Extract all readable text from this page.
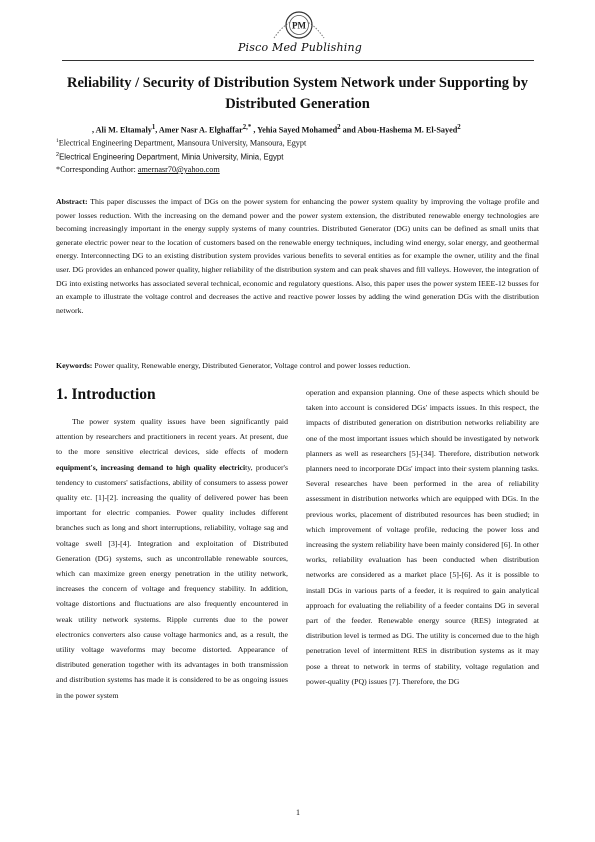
PM
Pisco Med Publishing
Reliability / Security of Distribution System Network under Supporting by Distributed Generation
, Ali M. Eltamaly$^1$, Amer Nasr A. Elghaffar$^{2,*}$ , Yehia Sayed Mohamed$^2$ and Abou-Hashema M. El-Sayed$^2$
$^1$Electrical Engineering Department, Mansoura University, Mansoura, Egypt
$^2$Electrical Engineering Department, Minia University, Minia, Egypt
*Corresponding Author: amernasr70@yahoo.com
Abstract: This paper discusses the impact of DGs on the power system for enhancing the power system quality by improving the voltage profile and power losses reduction. With the increasing on the demand power and the power system extension, the distributed renewable energy technologies are becoming increasingly important in the energy supply systems of many countries. Distributed Generator (DG) units can be defined as small units that generate electric power near to the location of customers based on the renewable energy techniques, including wind energy, solar energy, and geothermal energy. Interconnecting DG to an existing distribution system provides various benefits to several entities as for example the owner, utility and the final user. DG provides an enhanced power quality, higher reliability of the distribution system and can peak shaves and fill valleys. However, the integration of DG into existing networks has associated several technical, economic and regulatory questions. Also, this paper uses the power system IEEE-12 busses for an example to illustrate the voltage control and decreases the active and reactive power losses by adding the wind generation DGs with the distribution network.
Keywords: Power quality, Renewable energy, Distributed Generator, Voltage control and power losses reduction.
1. Introduction
The power system quality issues have been significantly paid attention by researchers and practitioners in recent years. At present, due to the more sensitive electrical devices, side effects of modern equipment's, increasing demand to high quality electricity, producer's tendency to customers' satisfactions, ability of consumers to assess power quality etc. [1]-[2]. increasing the quality of delivered power has been important for electric companies. Power quality includes different branches such as long and short interruptions, reliability, voltage sag and voltage swell [3]-[4]. Integration and exploitation of Distributed Generation (DG) systems, such as uncontrollable renewable sources, which can maximize green energy penetration in the utility network, increases the concern of voltage and frequency stability. In addition, voltage distortions and fluctuations are also frequently encountered in weak utility network systems. Ripple currents due to the power electronics converters also cause voltage harmonics and, as a result, the utility voltage waveforms may become distorted. Appearance of distributed generation together with its advantages in both transmission and distribution systems has made it is considered to be as ongoing issues in the power system
operation and expansion planning. One of these aspects which should be taken into account is considered DGs' impacts issues. In this respect, the impacts of distributed generation on distribution networks reliability are one of the most important issues which should be investigated by network planners as well as researchers [5]-[34]. Therefore, distribution network planners need to incorporate DGs' impact into their system planning tasks. Several researches have been performed in the area of reliability assessment in distribution networks which are equipped with DGs. In the previous works, placement of distributed resources has been studied; in which improvement of voltage profile, reducing the power loss and increasing the system reliability have been mainly considered [6]. In other works, reliability evaluation has been conducted when distribution networks are considered as a market place [5]-[6]. As it is possible to install DGs in various parts of a feeder, it is required to gain analytical approach for evaluating the reliability of a feeder contains DG in several part of the feeder. Renewable energy source (RES) integrated at distribution level is termed as DG. The utility is concerned due to the high penetration level of intermittent RES in distribution systems as it may pose a threat to network in terms of stability, voltage regulation and power-quality (PQ) issues [7]. Therefore, the DG
1
